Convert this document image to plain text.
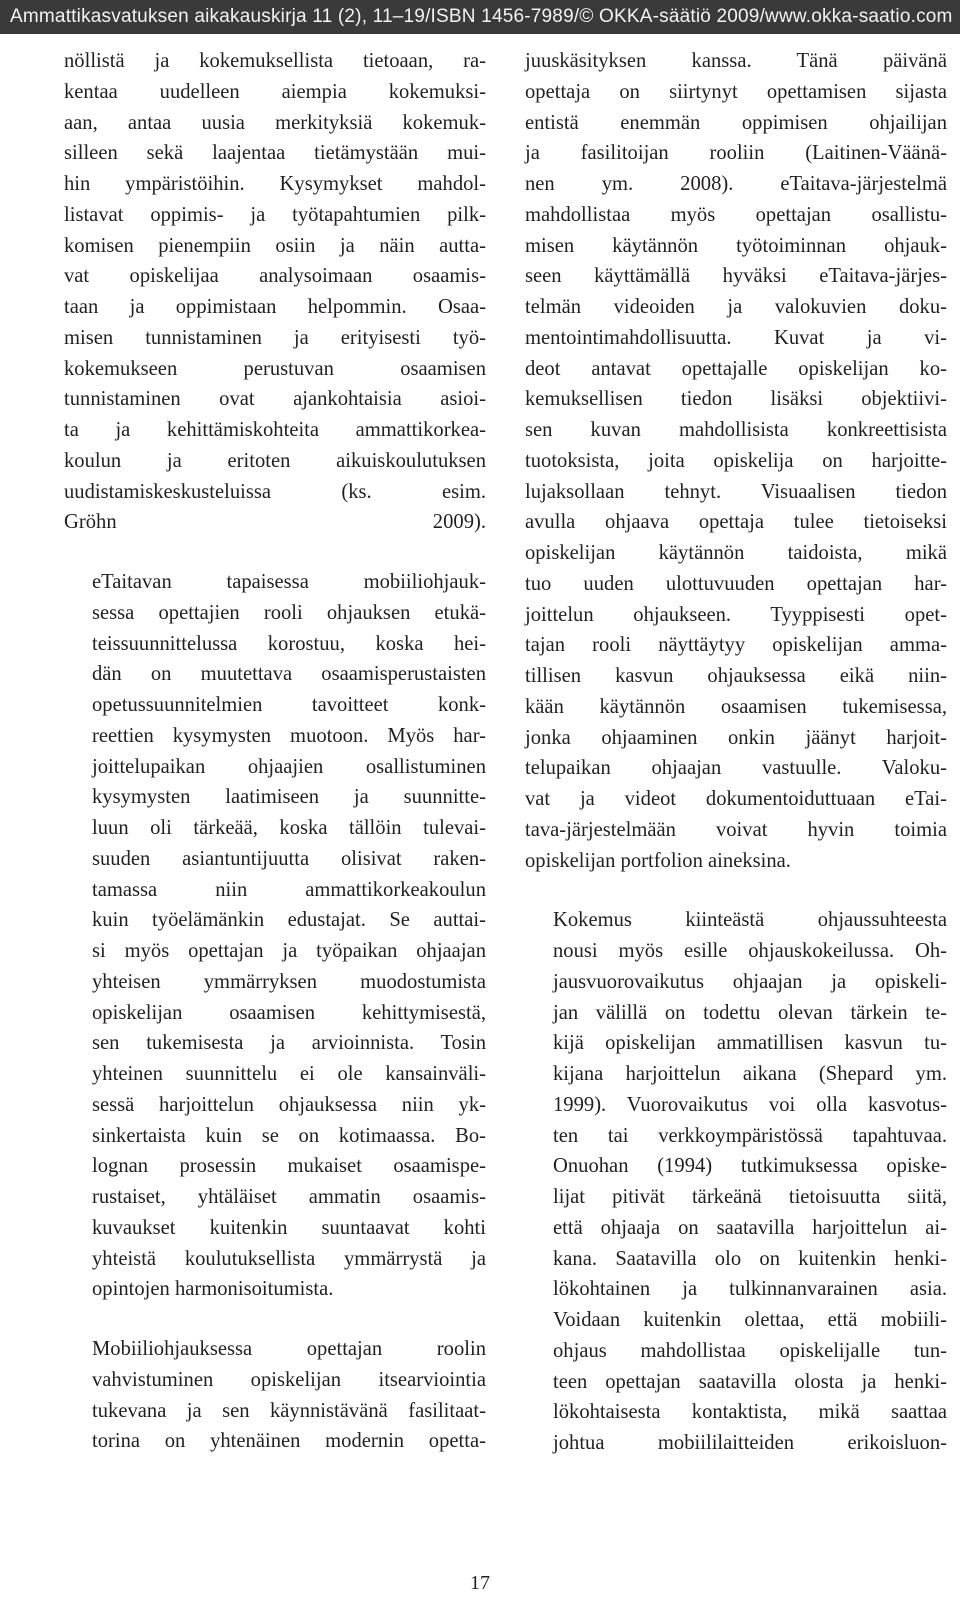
Ammattikasvatuksen aikakauskirja 11 (2), 11–19/ISBN 1456-7989/© OKKA-säätiö 2009/www.okka-saatio.com

nöllistä ja kokemuksellista tietoaan, ra-
kentaa uudelleen aiempia kokemuksi-
aan, antaa uusia merkityksiä kokemuk-
silleen sekä laajentaa tietämystään mui-
hin ympäristöihin. Kysymykset mahdol-
listavat oppimis- ja työtapahtumien pilk-
komisen pienempiin osiin ja näin autta-
vat opiskelijaa analysoimaan osaamis-
taan ja oppimistaan helpommin. Osaa-
misen tunnistaminen ja erityisesti työ-
kokemukseen perustuvan osaamisen
tunnistaminen ovat ajankohtaisia asioi-
ta ja kehittämiskohteita ammattikorkea-
koulun ja eritoten aikuiskoulutuksen
uudistamiskeskusteluissa (ks. esim.
Gröhn 2009).

eTaitavan tapaisessa mobiiliohjauk-
sessa opettajien rooli ohjauksen etukä-
teissuunnittelussa korostuu, koska hei-
dän on muutettava osaamisperustaisten
opetussuunnitelmien tavoitteet konk-
reettien kysymysten muotoon. Myös har-
joittelupaikan ohjaajien osallistuminen
kysymysten laatimiseen ja suunnitte-
luun oli tärkeää, koska tällöin tulevai-
suuden asiantuntijuutta olisivat raken-
tamassa niin ammattikorkeakoulun
kuin työelämänkin edustajat. Se auttai-
si myös opettajan ja työpaikan ohjaajan
yhteisen ymmärryksen muodostumista
opiskelijan osaamisen kehittymisestä,
sen tukemisesta ja arvioinnista. Tosin
yhteinen suunnittelu ei ole kansainväli-
sessä harjoittelun ohjauksessa niin yk-
sinkertaista kuin se on kotimaassa. Bo-
lognan prosessin mukaiset osaamispe-
rustaiset, yhtäläiset ammatin osaamis-
kuvaukset kuitenkin suuntaavat kohti
yhteistä koulutuksellista ymmärrystä ja
opintojen harmonisoitumista.

Mobiiliohjauksessa opettajan roolin
vahvistuminen opiskelijan itsearviointia
tukevana ja sen käynnistävänä fasilitaat-
torina on yhtenäinen modernin opetta-

juuskäsityksen kanssa. Tänä päivänä
opettaja on siirtynyt opettamisen sijasta
entistä enemmän oppimisen ohjailijan
ja fasilitoijan rooliin (Laitinen-Väänä-
nen ym. 2008). eTaitava-järjestelmä
mahdollistaa myös opettajan osallistu-
misen käytännön työtoiminnan ohjauk-
seen käyttämällä hyväksi eTaitava-järjes-
telmän videoiden ja valokuvien doku-
mentointimahdollisuutta. Kuvat ja vi-
deot antavat opettajalle opiskelijan ko-
kemuksellisen tiedon lisäksi objektiivi-
sen kuvan mahdollisista konkreettisista
tuotoksista, joita opiskelija on harjoitte-
lujaksollaan tehnyt. Visuaalisen tiedon
avulla ohjaava opettaja tulee tietoiseksi
opiskelijan käytännön taidoista, mikä
tuo uuden ulottuvuuden opettajan har-
joittelun ohjaukseen. Tyyppisesti opet-
tajan rooli näyttäytyy opiskelijan amma-
tillisen kasvun ohjauksessa eikä niin-
kään käytännön osaamisen tukemisessa,
jonka ohjaaminen onkin jäänyt harjoit-
telupaikan ohjaajan vastuulle. Valoku-
vat ja videot dokumentoiduttuaan eTai-
tava-järjestelmään voivat hyvin toimia
opiskelijan portfolion aineksina.

Kokemus kiinteästä ohjaussuhteesta
nousi myös esille ohjauskokeilussa. Oh-
jausvuorovaikutus ohjaajan ja opiskeli-
jan välillä on todettu olevan tärkein te-
kijä opiskelijan ammatillisen kasvun tu-
kijana harjoittelun aikana (Shepard ym.
1999). Vuorovaikutus voi olla kasvotus-
ten tai verkkoympäristössä tapahtuvaa.
Onuohan (1994) tutkimuksessa opiske-
lijat pitivät tärkeänä tietoisuutta siitä,
että ohjaaja on saatavilla harjoittelun ai-
kana. Saatavilla olo on kuitenkin henki-
lökohtainen ja tulkinnanvarainen asia.
Voidaan kuitenkin olettaa, että mobiili-
ohjaus mahdollistaa opiskelijalle tun-
teen opettajan saatavilla olosta ja henki-
lökohtaisesta kontaktista, mikä saattaa
johtua mobiililaitteiden erikoisluon-

17
